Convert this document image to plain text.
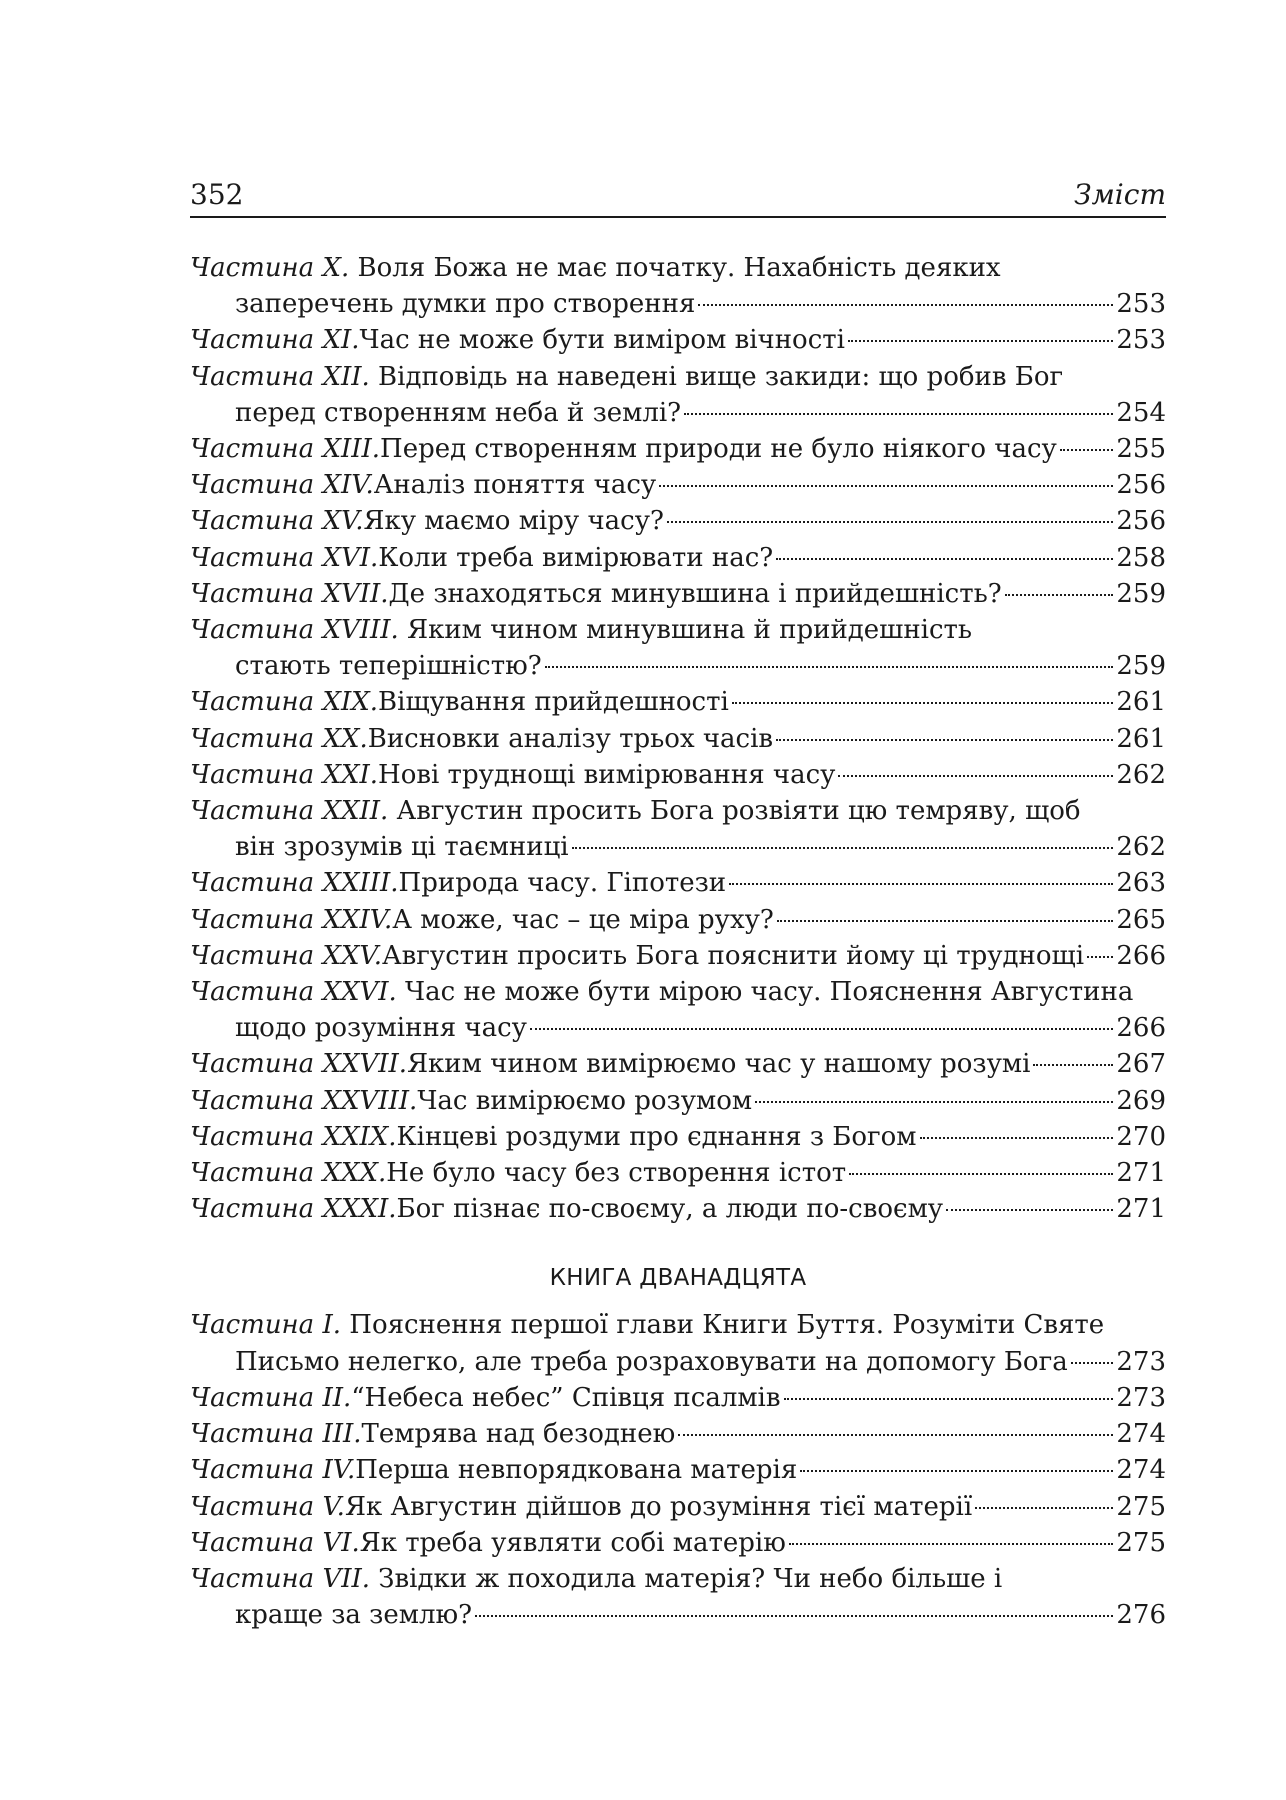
352	Зміст
Частина X. Воля Божа не має початку. Нахабність деяких
заперечень думки про створення	253
Частина XI. Час не може бути виміром вічності	253
Частина XII. Відповідь на наведені вище закиди: що робив Бог
перед створенням неба й землі?	254
Частина XIII. Перед створенням природи не було ніякого часу 255
Частина XIV. Аналіз поняття часу	256
Частина XV. Яку маємо міру часу?	256
Частина XVI. Коли треба вимірювати нас?	258
Частина XVII. Де знаходяться минувшина і прийдешність?	259
Частина XVIII. Яким чином минувшина й прийдешність
стають теперішністю?	259
Частина XIX. Віщування прийдешності	261
Частина XX. Висновки аналізу трьох часів	261
Частина XXI. Нові труднощі вимірювання часу	262
Частина XXII. Августин просить Бога розвіяти цю темряву, щоб
він зрозумів ці таємниці	262
Частина XXIII. Природа часу. Гіпотези	263
Частина XXIV. А може, час – це міра руху?	265
Частина XXV. Августин просить Бога пояснити йому ці труднощі 266
Частина XXVI. Час не може бути мірою часу. Пояснення Августина
щодо розуміння часу	266
Частина XXVII. Яким чином вимірюємо час у нашому розумі	267
Частина XXVIII. Час вимірюємо розумом	269
Частина XXIX. Кінцеві роздуми про єднання з Богом	270
Частина XXX. Не було часу без створення істот	271
Частина XXXI. Бог пізнає по-своєму, а люди по-своєму	271
КНИГА ДВАНАДЦЯТА
Частина I. Пояснення першої глави Книги Буття. Розуміти Святе
Письмо нелегко, але треба розраховувати на допомогу Бога 273
Частина II. “Небеса небес” Співця псалмів	273
Частина III. Темрява над безоднею	274
Частина IV. Перша невпорядкована матерія	274
Частина V. Як Августин дійшов до розуміння тієї матерії	275
Частина VI. Як треба уявляти собі матерію	275
Частина VII. Звідки ж походила матерія? Чи небо більше і
краще за землю?	276
